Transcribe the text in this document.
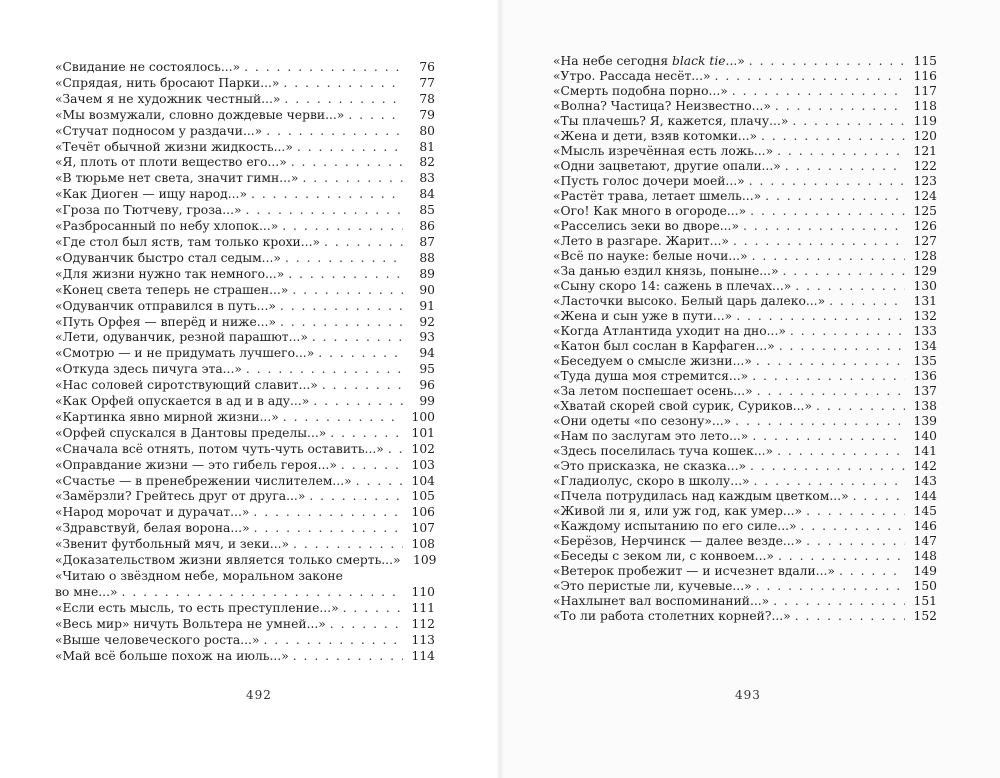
«Свидание не состоялось...» . . .	76
«Спрядая, нить бросают Парки...» . . .	77
«Зачем я не художник честный...» . . .	78
«Мы возмужали, словно дождевые черви...» . . .	79
«Стучат подносом у раздачи...» . . .	80
«Течёт обычной жизни жидкость...» . . .	81
«Я, плоть от плоти вещество его...» . . .	82
«В тюрьме нет света, значит гимн...» . . .	83
«Как Диоген — ищу народ...» . . .	84
«Гроза по Тютчеву, гроза...» . . .	85
«Разбросанный по небу хлопок...» . . .	86
«Где стол был яств, там только крохи...» . . .	87
«Одуванчик быстро стал седым...» . . .	88
«Для жизни нужно так немного...» . . .	89
«Конец света теперь не страшен...» . . .	90
«Одуванчик отправился в путь...» . . .	91
«Путь Орфея — вперёд и ниже...» . . .	92
«Лети, одуванчик, резной парашют...» . . .	93
«Смотрю — и не придумать лучшего...» . . .	94
«Откуда здесь пичуга эта...» . . .	95
«Нас соловей сиротствующий славит...» . . .	96
«Как Орфей опускается в ад и в аду...» . . .	99
«Картинка явно мирной жизни...» . . .	100
«Орфей спускался в Дантовы пределы...» . . .	101
«Сначала всё отнять, потом чуть-чуть оставить...» . . .	102
«Оправдание жизни — это гибель героя...» . . .	103
«Счастье — в пренебрежении числителем...» . . .	104
«Замёрзли? Грейтесь друг от друга...» . . .	105
«Народ морочат и дурачат...» . . .	106
«Здравствуй, белая ворона...» . . .	107
«Звенит футбольный мяч, и зеки...» . . .	108
«Доказательством жизни является только смерть...»	109
«Читаю о звёздном небе, моральном законе
во мне...» . . .	110
«Если есть мысль, то есть преступление...» . . .	111
«Весь мир» ничуть Вольтера не умней...» . . .	112
«Выше человеческого роста...» . . .	113
«Май всё больше похож на июль...» . . .	114
492
«На небе сегодня black tie...» . . .	115
«Утро. Рассада несёт...» . . .	116
«Смерть подобна порно...» . . .	117
«Волна? Частица? Неизвестно...» . . .	118
«Ты плачешь? Я, кажется, плачу...» . . .	119
«Жена и дети, взяв котомки...» . . .	120
«Мысль изречённая есть ложь...» . . .	121
«Одни зацветают, другие опали...» . . .	122
«Пусть голос дочери моей...» . . .	123
«Растёт трава, летает шмель...» . . .	124
«Ого! Как много в огороде...» . . .	125
«Расселись зеки во дворе...» . . .	126
«Лето в разгаре. Жарит...» . . .	127
«Всё по науке: белые ночи...» . . .	128
«За данью ездил князь, поныне...» . . .	129
«Сыну скоро 14: сажень в плечах...» . . .	130
«Ласточки высоко. Белый царь далеко...» . . .	131
«Жена и сын уже в пути...» . . .	132
«Когда Атлантида уходит на дно...» . . .	133
«Катон был сослан в Карфаген...» . . .	134
«Беседуем о смысле жизни...» . . .	135
«Туда душа моя стремится...» . . .	136
«За летом поспешает осень...» . . .	137
«Хватай скорей свой сурик, Суриков...» . . .	138
«Они одеты «по сезону»...» . . .	139
«Нам по заслугам это лето...» . . .	140
«Здесь поселилась туча кошек...» . . .	141
«Это присказка, не сказка...» . . .	142
«Гладиолус, скоро в школу...» . . .	143
«Пчела потрудилась над каждым цветком...» . . .	144
«Живой ли я, или уж год, как умер...» . . .	145
«Каждому испытанию по его силе...» . . .	146
«Берёзов, Нерчинск — далее везде...» . . .	147
«Беседы с зеком ли, с конвоем...» . . .	148
«Ветерок пробежит — и исчезнет вдали...» . . .	149
«Это перистые ли, кучевые...» . . .	150
«Нахлынет вал воспоминаний...» . . .	151
«То ли работа столетних корней?...» . . .	152
493
